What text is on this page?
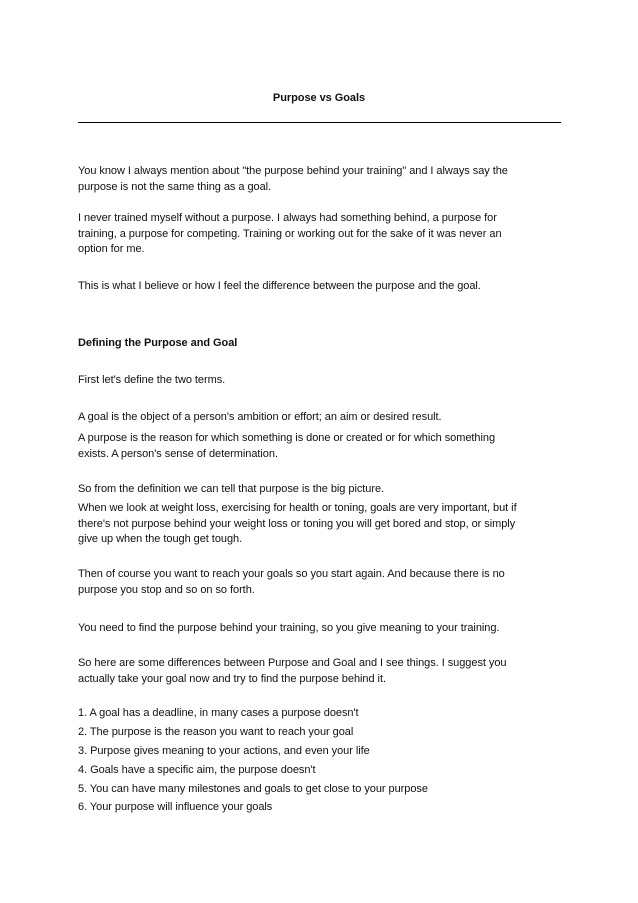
Purpose vs Goals
You know I always mention about "the purpose behind your training" and I always say the
purpose is not the same thing as a goal.
I never trained myself without a purpose. I always had something behind, a purpose for
training, a purpose for competing. Training or working out for the sake of it was never an
option for me.
This is what I believe or how I feel the difference between the purpose and the goal.
Defining the Purpose and Goal
First let's define the two terms.
A goal is the object of a person's ambition or effort; an aim or desired result.
A purpose is the reason for which something is done or created or for which something
exists. A person's sense of determination.
So from the definition we can tell that purpose is the big picture.
When we look at weight loss, exercising for health or toning, goals are very important, but if
there's not purpose behind your weight loss or toning you will get bored and stop, or simply
give up when the tough get tough.
Then of course you want to reach your goals so you start again. And because there is no
purpose you stop and so on so forth.
You need to find the purpose behind your training, so you give meaning to your training.
So here are some differences between Purpose and Goal and I see things. I suggest you
actually take your goal now and try to find the purpose behind it.
1. A goal has a deadline, in many cases a purpose doesn't
2. The purpose is the reason you want to reach your goal
3. Purpose gives meaning to your actions, and even your life
4. Goals have a specific aim, the purpose doesn't
5. You can have many milestones and goals to get close to your purpose
6. Your purpose will influence your goals
